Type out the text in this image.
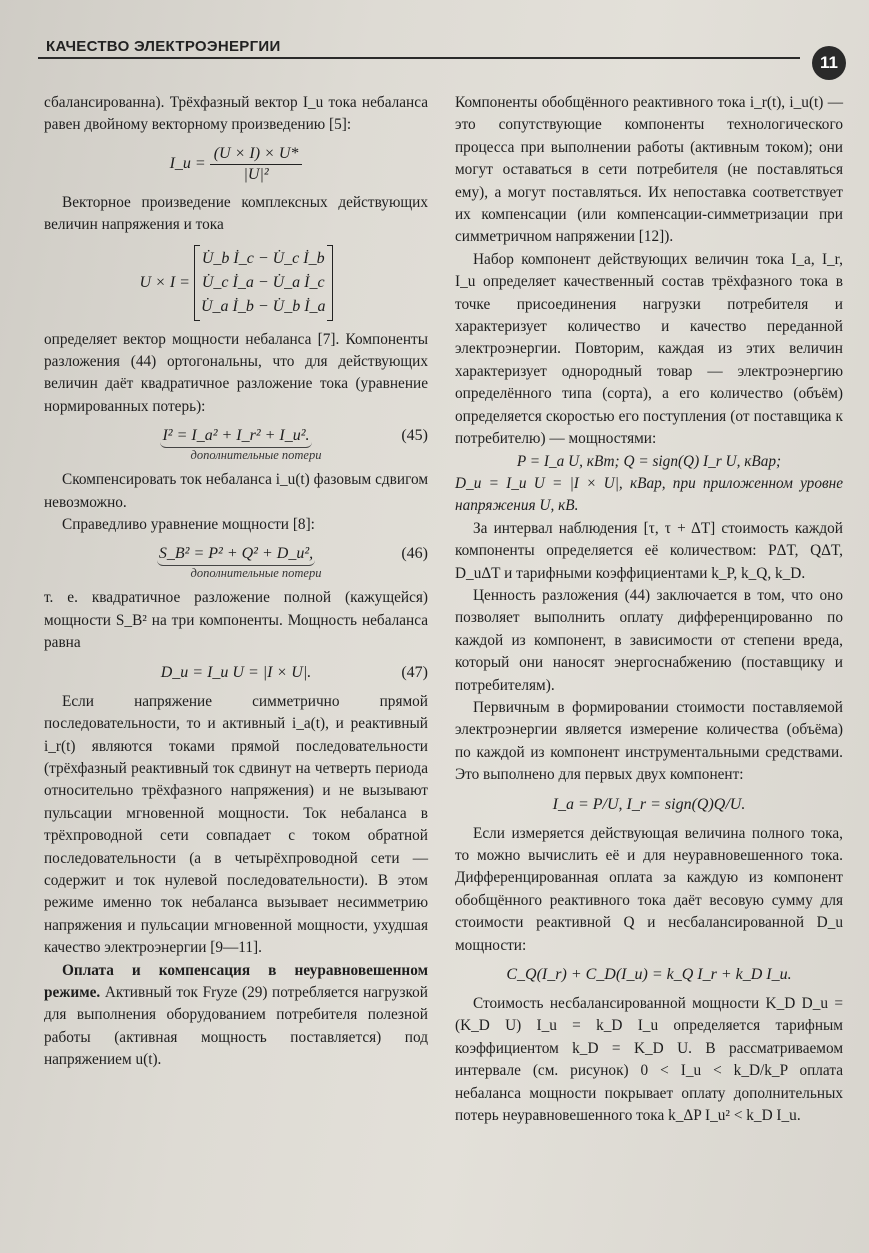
КАЧЕСТВО ЭЛЕКТРОЭНЕРГИИ
11

сбалансированна). Трёхфазный вектор I_u тока небаланса равен двойному векторному произведению [5]:

I_u = $\frac{(U \times I) \times U*}{\text{|U|²}}$

Векторное произведение комплексных действующих величин напряжения и тока

U × I =
U̇_b İ_c − U̇_c İ_b
U̇_c İ_a − U̇_a İ_c
U̇_a İ_b − U̇_b İ_a

определяет вектор мощности небаланса [7]. Компоненты разложения (44) ортогональны, что для действующих величин даёт квадратичное разложение тока (уравнение нормированных потерь):

I² = I_a² + I_r² + I_u².	(45)
дополнительные потери

Скомпенсировать ток небаланса i_u(t) фазовым сдвигом невозможно.

Справедливо уравнение мощности [8]:

S_B² = P² + Q² + D_u²,	(46)
дополнительные потери

т. е. квадратичное разложение полной (кажущейся) мощности S_B² на три компоненты. Мощность небаланса равна

D_u = I_u U = |I × U|.	(47)

Если напряжение симметрично прямой последовательности, то и активный i_a(t), и реактивный i_r(t) являются токами прямой последовательности (трёхфазный реактивный ток сдвинут на четверть периода относительно трёхфазного напряжения) и не вызывают пульсации мгновенной мощности. Ток небаланса в трёхпроводной сети совпадает с током обратной последовательности (а в четырёхпроводной сети — содержит и ток нулевой последовательности). В этом режиме именно ток небаланса вызывает несимметрию напряжения и пульсации мгновенной мощности, ухудшая качество электроэнергии [9—11].

Оплата и компенсация в неуравновешенном режиме. Активный ток Fryze (29) потребляется нагрузкой для выполнения оборудованием потребителя полезной работы (активная мощность поставляется) под напряжением u(t).

Компоненты обобщённого реактивного тока i_r(t), i_u(t) — это сопутствующие компоненты технологического процесса при выполнении работы (активным током); они могут оставаться в сети потребителя (не поставляться ему), а могут поставляться. Их непоставка соответствует их компенсации (или компенсации-симметризации при симметричном напряжении [12]).

Набор компонент действующих величин тока I_a, I_r, I_u определяет качественный состав трёхфазного тока в точке присоединения нагрузки потребителя и характеризует количество и качество переданной электроэнергии. Повторим, каждая из этих величин характеризует однородный товар — электроэнергию определённого типа (сорта), а его количество (объём) определяется скоростью его поступления (от поставщика к потребителю) — мощностями:

P = I_a U, кВт; Q = sign(Q) I_r U, кВар;

D_u = I_u U = |I × U|, кВар, при приложенном уровне напряжения U, кВ.

За интервал наблюдения [τ, τ + ΔT] стоимость каждой компоненты определяется её количеством: PΔT, QΔT, D_uΔT и тарифными коэффициентами k_P, k_Q, k_D.

Ценность разложения (44) заключается в том, что оно позволяет выполнить оплату дифференцированно по каждой из компонент, в зависимости от степени вреда, который они наносят энергоснабжению (поставщику и потребителям).

Первичным в формировании стоимости поставляемой электроэнергии является измерение количества (объёма) по каждой из компонент инструментальными средствами. Это выполнено для первых двух компонент:

I_a = P/U, I_r = sign(Q)Q/U.

Если измеряется действующая величина полного тока, то можно вычислить её и для неуравновешенного тока. Дифференцированная оплата за каждую из компонент обобщённого реактивного тока даёт весовую сумму для стоимости реактивной Q и несбалансированной D_u мощности:

C_Q(I_r) + C_D(I_u) = k_Q I_r + k_D I_u.

Стоимость несбалансированной мощности K_D D_u = (K_D U) I_u = k_D I_u определяется тарифным коэффициентом k_D = K_D U. В рассматриваемом интервале (см. рисунок) 0 < I_u < k_D/k_P оплата небаланса мощности покрывает оплату дополнительных потерь неуравновешенного тока k_ΔP I_u² < k_D I_u.
